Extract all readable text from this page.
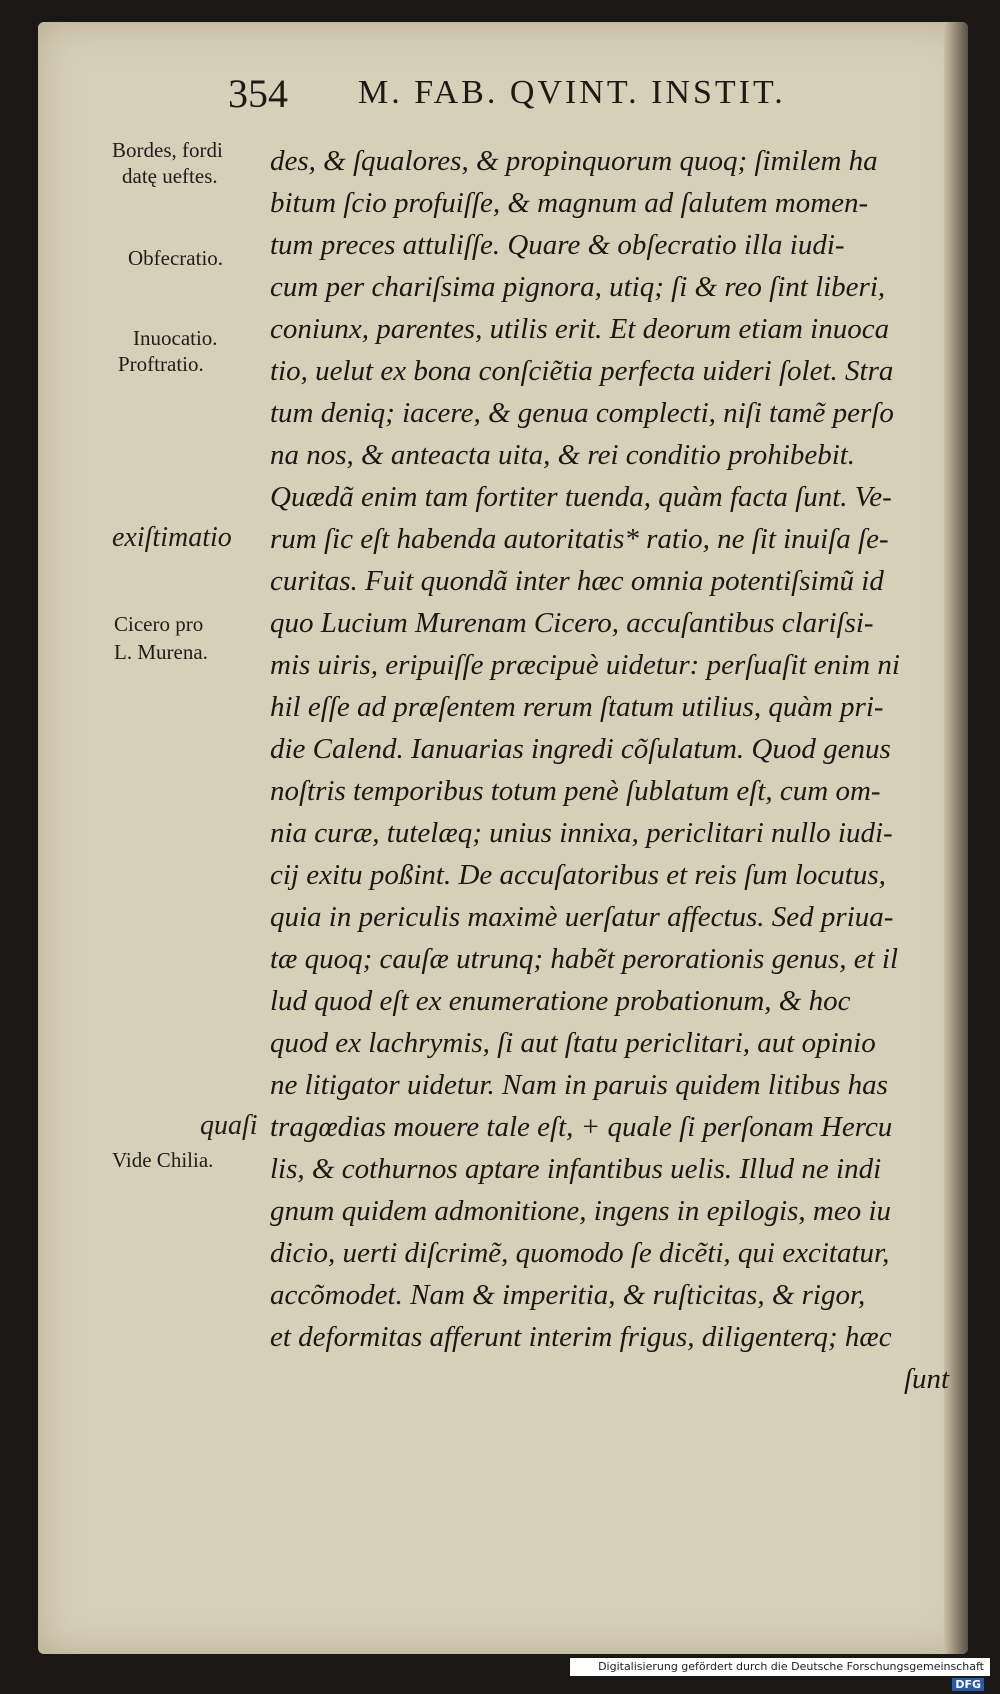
354 M. FAB. QVINT. INSTIT.
Bordes, fordi
datę ueftes.
Obfecratio.
Inuocatio.
Proftratio.
exiſtimatio
Cicero pro
L. Murena.
quaſi
Vide Chilia.
des, & ſqualores, & propinquorum quoq; ſimilem ha
bitum ſcio profuiſſe, & magnum ad ſalutem momen-
tum preces attuliſſe. Quare & obſecratio illa iudi-
cum per chariſsima pignora, utiq; ſi & reo ſint liberi,
coniunx, parentes, utilis erit. Et deorum etiam inuoca
tio, uelut ex bona conſciẽtia perfecta uideri ſolet. Stra
tum deniq; iacere, & genua complecti, niſi tamẽ perſo
na nos, & anteacta uita, & rei conditio prohibebit.
Quædã enim tam fortiter tuenda, quàm facta ſunt. Ve-
rum ſic eſt habenda autoritatis* ratio, ne ſit inuiſa ſe-
curitas. Fuit quondã inter hæc omnia potentiſsimũ id
quo Lucium Murenam Cicero, accuſantibus clariſsi-
mis uiris, eripuiſſe præcipuè uidetur: perſuaſit enim ni
hil eſſe ad præſentem rerum ſtatum utilius, quàm pri-
die Calend. Ianuarias ingredi cõſulatum. Quod genus
noſtris temporibus totum penè ſublatum eſt, cum om-
nia curæ, tutelæq; unius innixa, periclitari nullo iudi-
cij exitu poßint. De accuſatoribus et reis ſum locutus,
quia in periculis maximè uerſatur affectus. Sed priua-
tæ quoq; cauſæ utrunq; habẽt perorationis genus, et il
lud quod eſt ex enumeratione probationum, & hoc
quod ex lachrymis, ſi aut ſtatu periclitari, aut opinio
ne litigator uidetur. Nam in paruis quidem litibus has
tragœdias mouere tale eſt, + quale ſi perſonam Hercu
lis, & cothurnos aptare infantibus uelis. Illud ne indi
gnum quidem admonitione, ingens in epilogis, meo iu
dicio, uerti diſcrimẽ, quomodo ſe dicẽti, qui excitatur,
accõmodet. Nam & imperitia, & ruſticitas, & rigor,
et deformitas afferunt interim frigus, diligenterq; hæc
ſunt
Digitalisierung gefördert durch die Deutsche Forschungsgemeinschaft DFG
